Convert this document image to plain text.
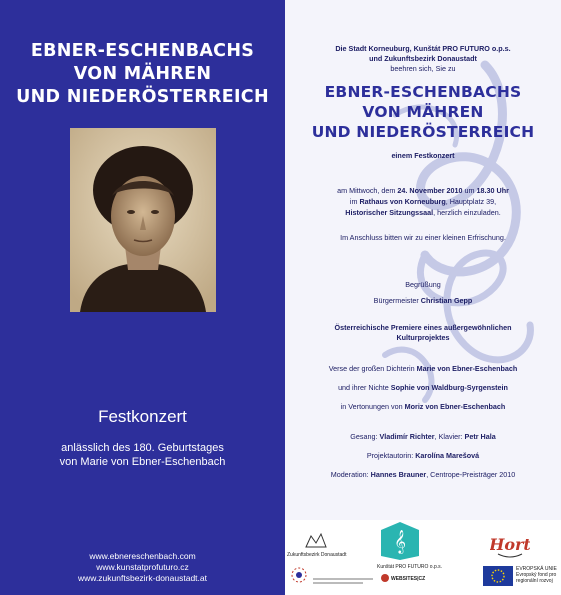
EBNER-ESCHENBACHS
VON MÄHREN
UND NIEDERÖSTERREICH
Festkonzert
anlässlich des 180. Geburtstages
von Marie von Ebner-Eschenbach
www.ebnereschenbach.com
www.kunstatprofuturo.cz
www.zukunftsbezirk-donaustadt.at
Die Stadt Korneuburg, Kunštát PRO FUTURO o.p.s.
und Zukunftsbezirk Donaustadt
beehren sich, Sie zu
EBNER-ESCHENBACHS
VON MÄHREN
UND NIEDERÖSTERREICH
einem Festkonzert
am Mittwoch, dem 24. November 2010 um 18.30 Uhr
im Rathaus von Korneuburg, Hauptplatz 39,
Historischer Sitzungssaal, herzlich einzuladen.
Im Anschluss bitten wir zu einer kleinen Erfrischung.
Begrüßung
Bürgermeister Christian Gepp
Österreichische Premiere eines außergewöhnlichen
Kulturprojektes
Verse der großen Dichterin Marie von Ebner-Eschenbach
und ihrer Nichte Sophie von Waldburg-Syrgenstein
in Vertonungen von Moriz von Ebner-Eschenbach
Gesang: Vladimír Richter, Klavier: Petr Hala
Projektautorin: Karolína Marešová
Moderation: Hannes Brauner, Centrope-Preisträger 2010
Zukunftsbezirk Donaustadt
𝄞
Kunštát PRO FUTURO o.p.s.
WEBSITES|CZ
Hort
EVROPSKÁ UNIE
Evropský fond pro
regionální rozvoj
